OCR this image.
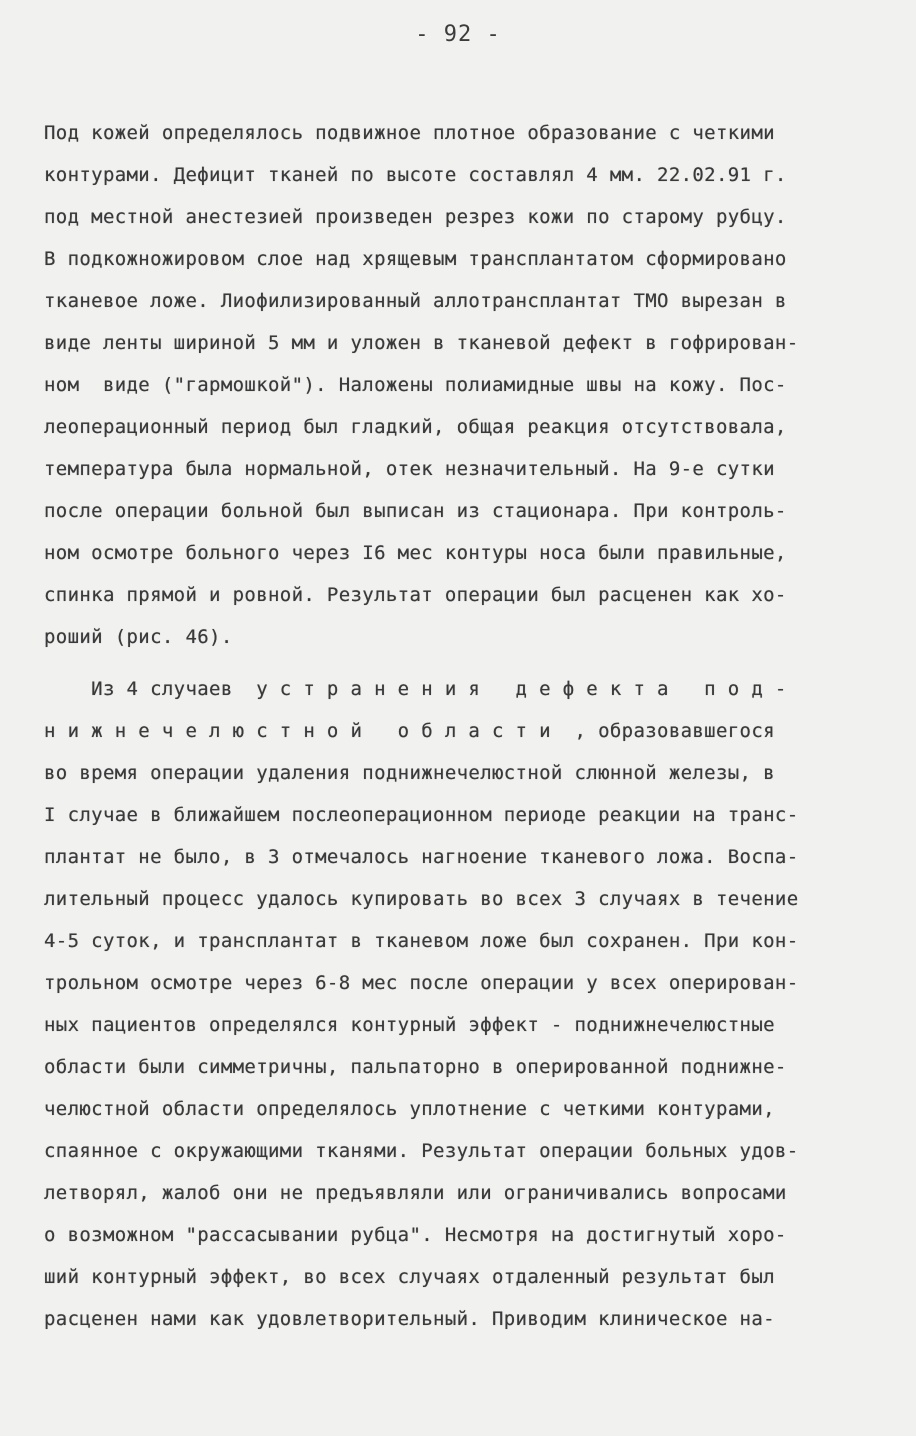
- 92 -
Под кожей определялось подвижное плотное образование с четкими
контурами. Дефицит тканей по высоте составлял 4 мм. 22.02.91 г.
под местной анестезией произведен резрез кожи по старому рубцу.
В подкожножировом слое над хрящевым трансплантатом сформировано
тканевое ложе. Лиофилизированный аллотрансплантат ТМО вырезан в
виде ленты шириной 5 мм и уложен в тканевой дефект в гофрирован-
ном  виде ("гармошкой"). Наложены полиамидные швы на кожу. Пос-
леоперационный период был гладкий, общая реакция отсутствовала,
температура была нормальной, отек незначительный. На 9-е сутки
после операции больной был выписан из стационара. При контроль-
ном осмотре больного через I6 мес контуры носа были правильные,
спинка прямой и ровной. Результат операции был расценен как хо-
роший (рис. 46).
Из 4 случаев  у с т р а н е н и я   д е ф е к т а   п о д -
н и ж н е ч е л ю с т н о й   о б л а с т и  , образовавшегося
во время операции удаления поднижнечелюстной слюнной железы, в
I случае в ближайшем послеоперационном периоде реакции на транс-
плантат не было, в 3 отмечалось нагноение тканевого ложа. Воспа-
лительный процесс удалось купировать во всех 3 случаях в течение
4-5 суток, и трансплантат в тканевом ложе был сохранен. При кон-
трольном осмотре через 6-8 мес после операции у всех оперирован-
ных пациентов определялся контурный эффект - поднижнечелюстные
области были симметричны, пальпаторно в оперированной поднижне-
челюстной области определялось уплотнение с четкими контурами,
спаянное с окружающими тканями. Результат операции больных удов-
летворял, жалоб они не предъявляли или ограничивались вопросами
о возможном "рассасывании рубца". Несмотря на достигнутый хоро-
ший контурный эффект, во всех случаях отдаленный результат был
расценен нами как удовлетворительный. Приводим клиническое на-
